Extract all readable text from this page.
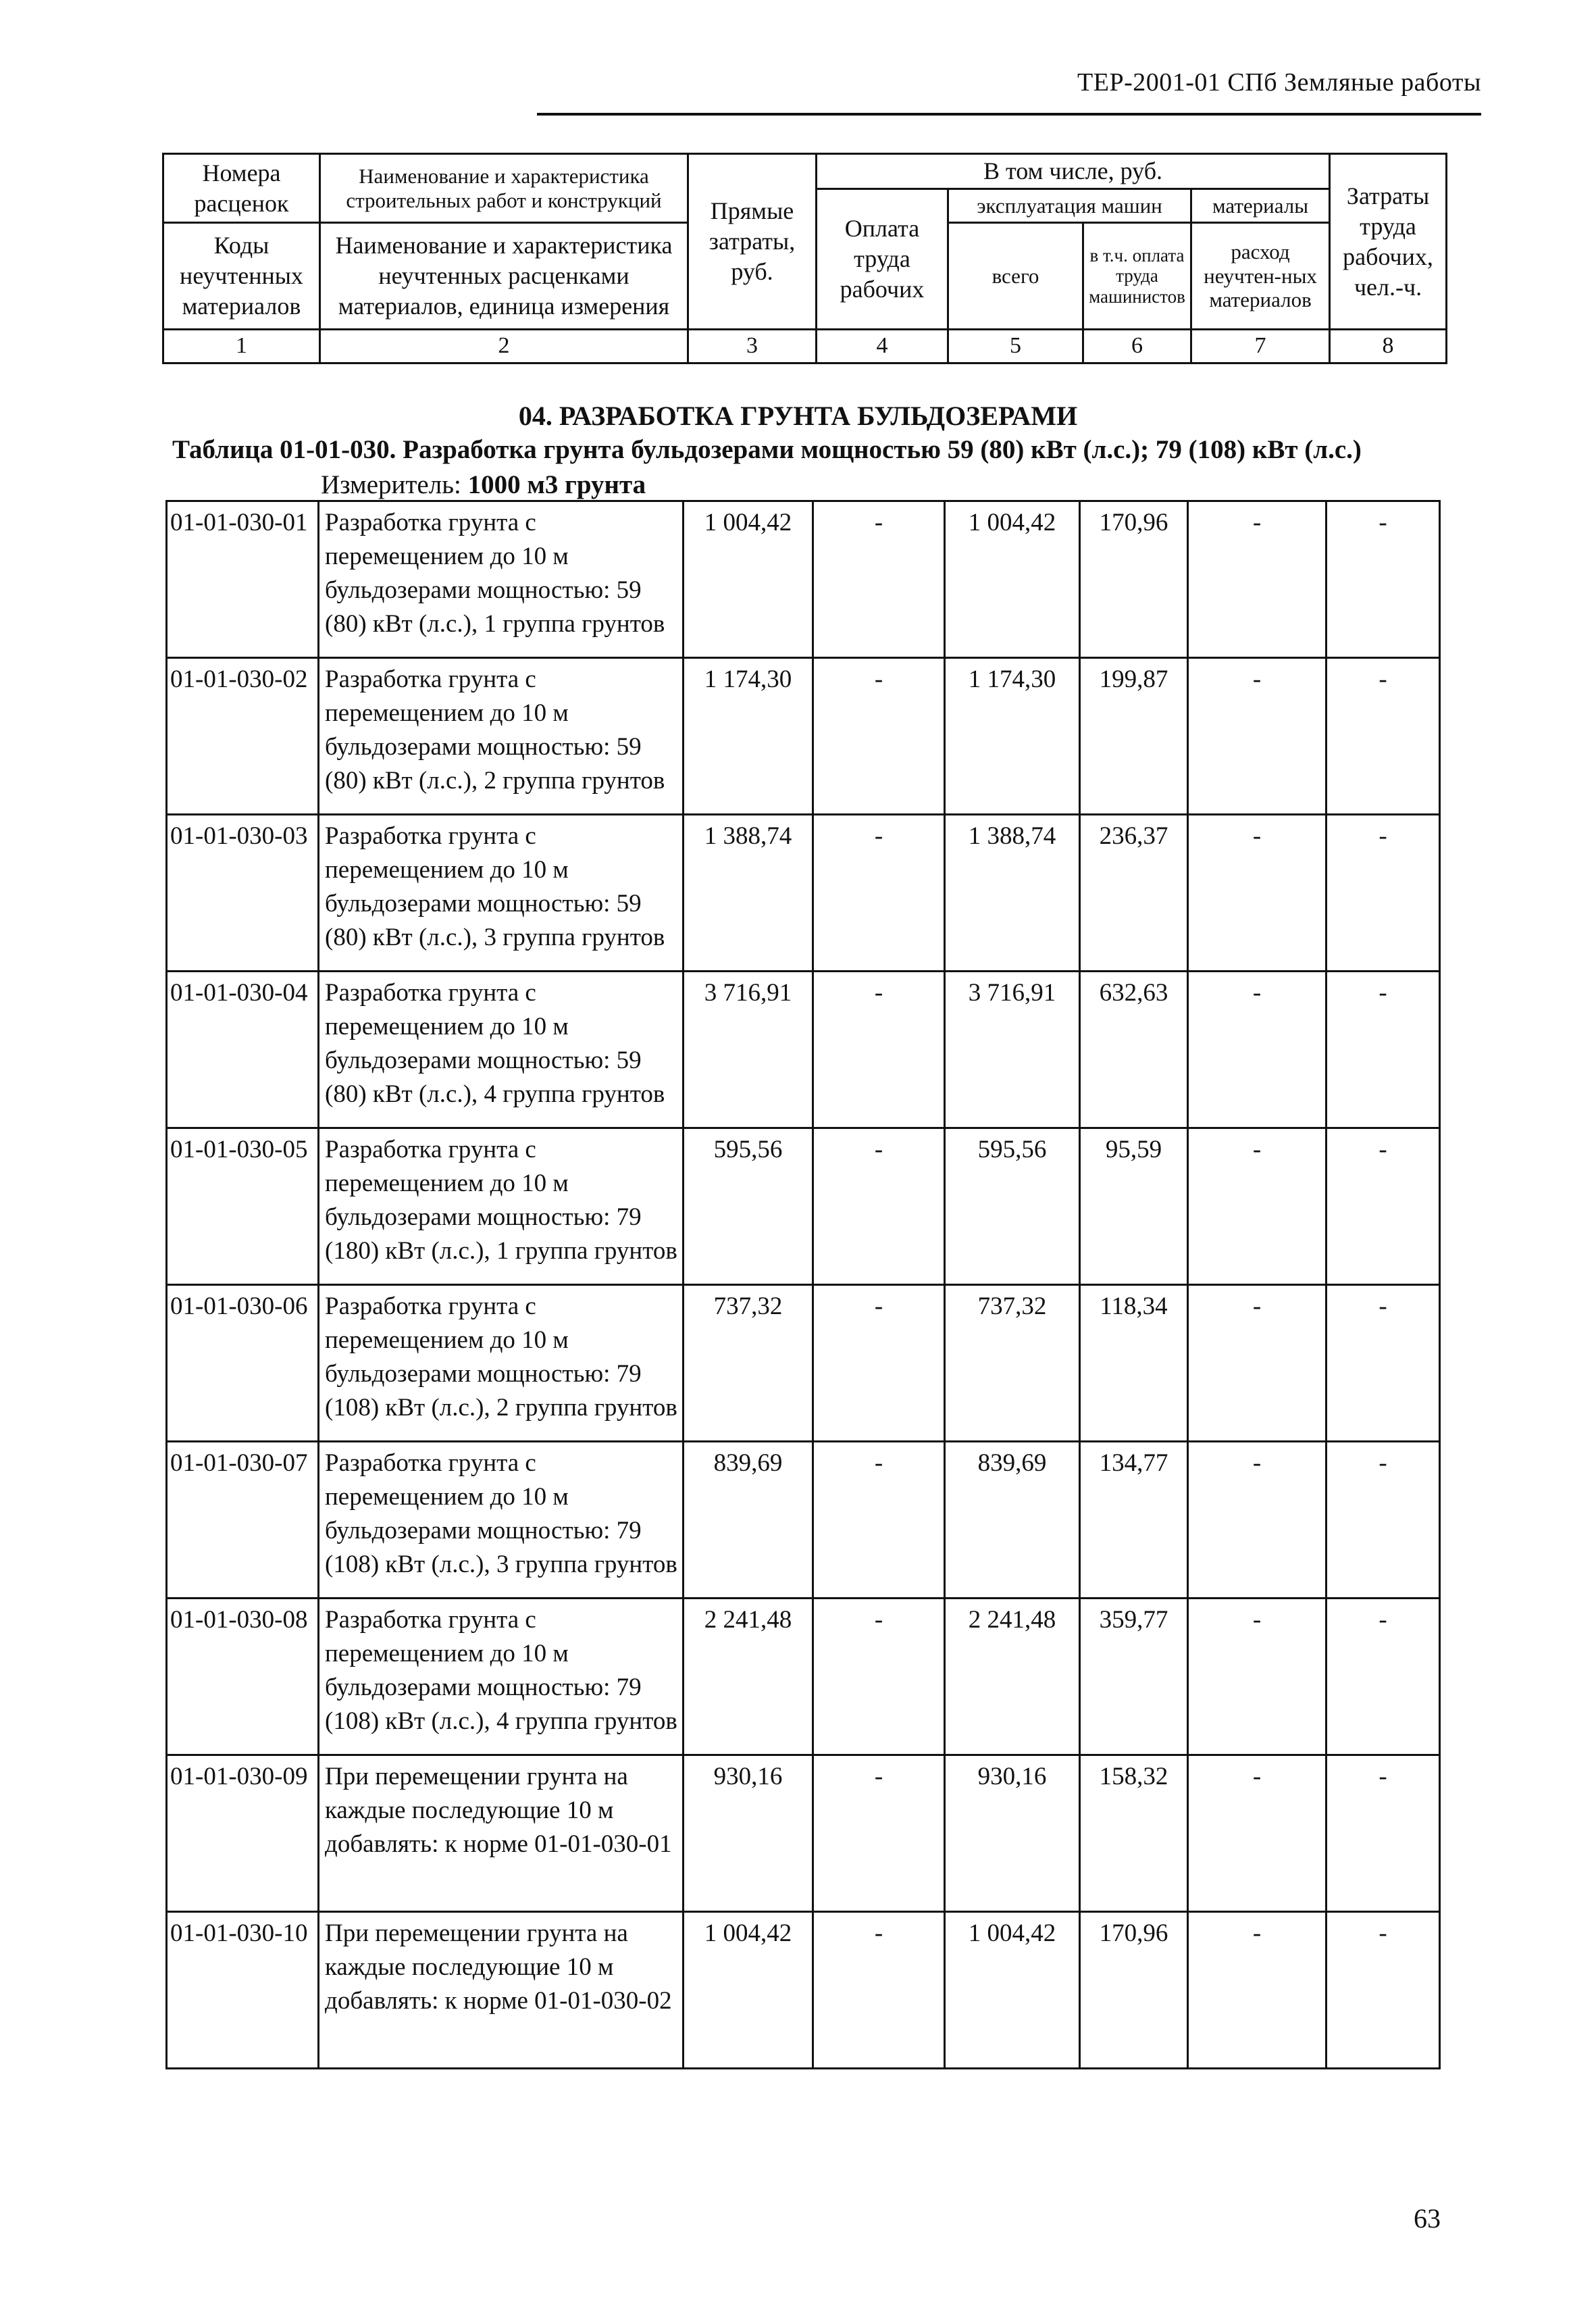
ТЕР-2001-01 СПб Земляные работы
Номера расценок	Наименование и характеристика строительных работ и конструкций	Прямые затраты, руб.	В том числе, руб.				Затраты труда рабочих, чел.-ч.
			Оплата труда рабочих	эксплуатация машин		материалы	
Коды неучтенных материалов	Наименование и характеристика неучтенных расценками материалов, единица измерения			всего	в т.ч. оплата труда машинистов	расход неучтен-ных материалов	

1	2	3	4	5	6	7	8
04. РАЗРАБОТКА ГРУНТА БУЛЬДОЗЕРАМИ
Таблица 01-01-030. Разработка грунта бульдозерами мощностью 59 (80) кВт (л.с.); 79 (108) кВт (л.с.)
Измеритель: 1000 м3 грунта
01-01-030-01	Разработка грунта с перемещением до 10 м бульдозерами мощностью: 59 (80) кВт (л.с.), 1 группа грунтов	1 004,42	-	1 004,42	170,96	-	-
01-01-030-02	Разработка грунта с перемещением до 10 м бульдозерами мощностью: 59 (80) кВт (л.с.), 2 группа грунтов	1 174,30	-	1 174,30	199,87	-	-
01-01-030-03	Разработка грунта с перемещением до 10 м бульдозерами мощностью: 59 (80) кВт (л.с.), 3 группа грунтов	1 388,74	-	1 388,74	236,37	-	-
01-01-030-04	Разработка грунта с перемещением до 10 м бульдозерами мощностью: 59 (80) кВт (л.с.), 4 группа грунтов	3 716,91	-	3 716,91	632,63	-	-
01-01-030-05	Разработка грунта с перемещением до 10 м бульдозерами мощностью: 79 (180) кВт (л.с.), 1 группа грунтов	595,56	-	595,56	95,59	-	-
01-01-030-06	Разработка грунта с перемещением до 10 м бульдозерами мощностью: 79 (108) кВт (л.с.), 2 группа грунтов	737,32	-	737,32	118,34	-	-
01-01-030-07	Разработка грунта с перемещением до 10 м бульдозерами мощностью: 79 (108) кВт (л.с.), 3 группа грунтов	839,69	-	839,69	134,77	-	-
01-01-030-08	Разработка грунта с перемещением до 10 м бульдозерами мощностью: 79 (108) кВт (л.с.), 4 группа грунтов	2 241,48	-	2 241,48	359,77	-	-
01-01-030-09	При перемещении грунта на каждые последующие 10 м добавлять: к норме 01-01-030-01	930,16	-	930,16	158,32	-	-
01-01-030-10	При перемещении грунта на каждые последующие 10 м добавлять: к норме 01-01-030-02	1 004,42	-	1 004,42	170,96	-	-
63
